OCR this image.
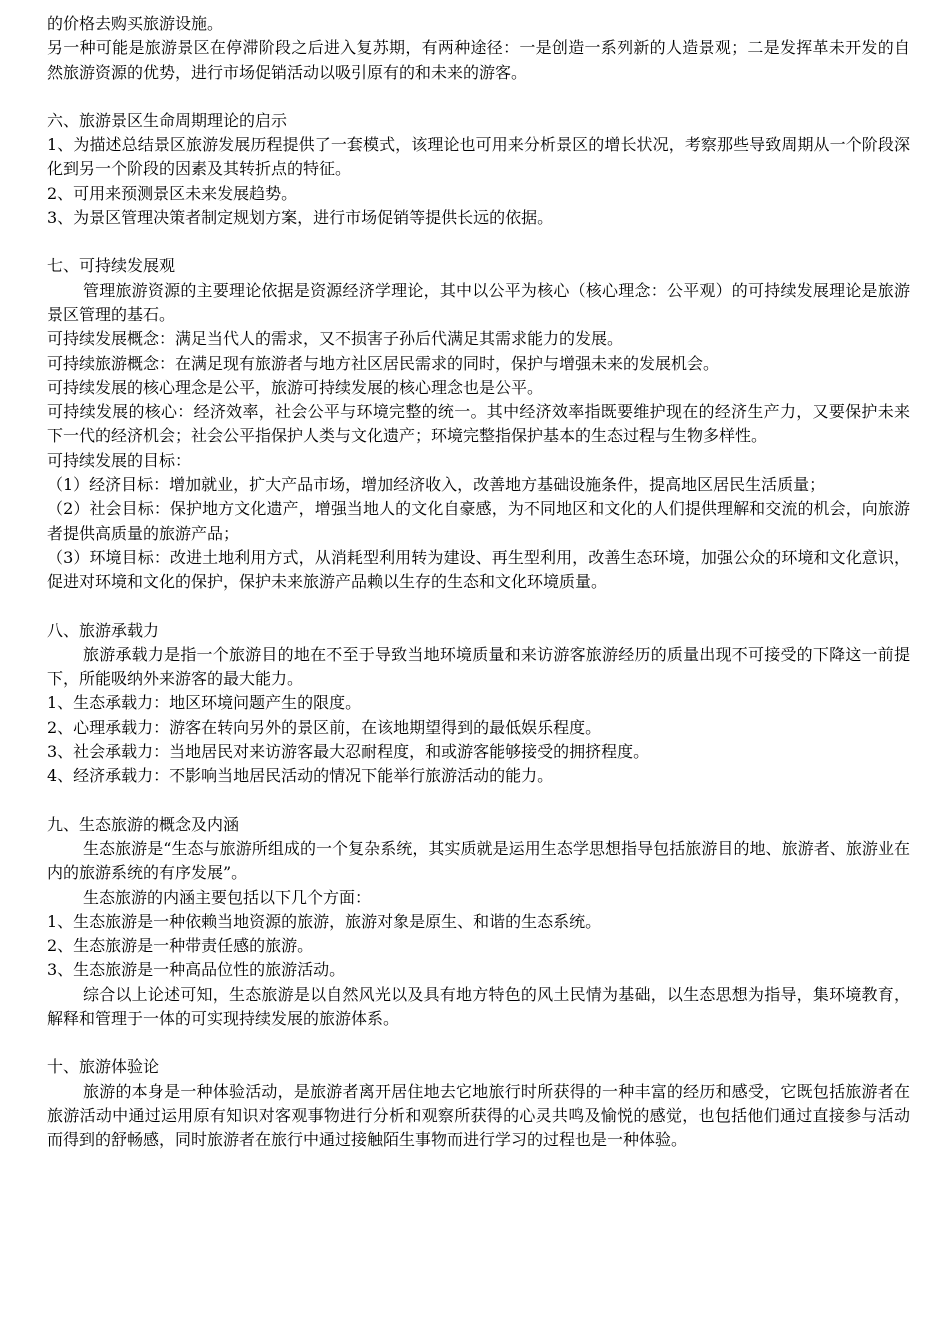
的价格去购买旅游设施。

另一种可能是旅游景区在停滞阶段之后进入复苏期，有两种途径：一是创造一系列新的人造景观；二是发挥革未开发的自然旅游资源的优势，进行市场促销活动以吸引原有的和未来的游客。

六、旅游景区生命周期理论的启示

1、为描述总结景区旅游发展历程提供了一套模式，该理论也可用来分析景区的增长状况，考察那些导致周期从一个阶段深化到另一个阶段的因素及其转折点的特征。

2、可用来预测景区未来发展趋势。

3、为景区管理决策者制定规划方案，进行市场促销等提供长远的依据。

七、可持续发展观

管理旅游资源的主要理论依据是资源经济学理论，其中以公平为核心（核心理念：公平观）的可持续发展理论是旅游景区管理的基石。

可持续发展概念：满足当代人的需求，又不损害子孙后代满足其需求能力的发展。

可持续旅游概念：在满足现有旅游者与地方社区居民需求的同时，保护与增强未来的发展机会。

可持续发展的核心理念是公平，旅游可持续发展的核心理念也是公平。

可持续发展的核心：经济效率，社会公平与环境完整的统一。其中经济效率指既要维护现在的经济生产力，又要保护未来下一代的经济机会；社会公平指保护人类与文化遗产；环境完整指保护基本的生态过程与生物多样性。

可持续发展的目标：

（1）经济目标：增加就业，扩大产品市场，增加经济收入，改善地方基础设施条件，提高地区居民生活质量；

（2）社会目标：保护地方文化遗产，增强当地人的文化自豪感，为不同地区和文化的人们提供理解和交流的机会，向旅游者提供高质量的旅游产品；

（3）环境目标：改进土地利用方式，从消耗型利用转为建设、再生型利用，改善生态环境，加强公众的环境和文化意识，促进对环境和文化的保护，保护未来旅游产品赖以生存的生态和文化环境质量。

八、旅游承载力

旅游承载力是指一个旅游目的地在不至于导致当地环境质量和来访游客旅游经历的质量出现不可接受的下降这一前提下，所能吸纳外来游客的最大能力。

1、生态承载力：地区环境问题产生的限度。

2、心理承载力：游客在转向另外的景区前，在该地期望得到的最低娱乐程度。

3、社会承载力：当地居民对来访游客最大忍耐程度，和或游客能够接受的拥挤程度。

4、经济承载力：不影响当地居民活动的情况下能举行旅游活动的能力。

九、生态旅游的概念及内涵

生态旅游是“生态与旅游所组成的一个复杂系统，其实质就是运用生态学思想指导包括旅游目的地、旅游者、旅游业在内的旅游系统的有序发展”。

生态旅游的内涵主要包括以下几个方面：

1、生态旅游是一种依赖当地资源的旅游，旅游对象是原生、和谐的生态系统。

2、生态旅游是一种带责任感的旅游。

3、生态旅游是一种高品位性的旅游活动。

综合以上论述可知，生态旅游是以自然风光以及具有地方特色的风土民情为基础，以生态思想为指导，集环境教育，解释和管理于一体的可实现持续发展的旅游体系。

十、旅游体验论

旅游的本身是一种体验活动，是旅游者离开居住地去它地旅行时所获得的一种丰富的经历和感受，它既包括旅游者在旅游活动中通过运用原有知识对客观事物进行分析和观察所获得的心灵共鸣及愉悦的感觉，也包括他们通过直接参与活动而得到的舒畅感，同时旅游者在旅行中通过接触陌生事物而进行学习的过程也是一种体验。
